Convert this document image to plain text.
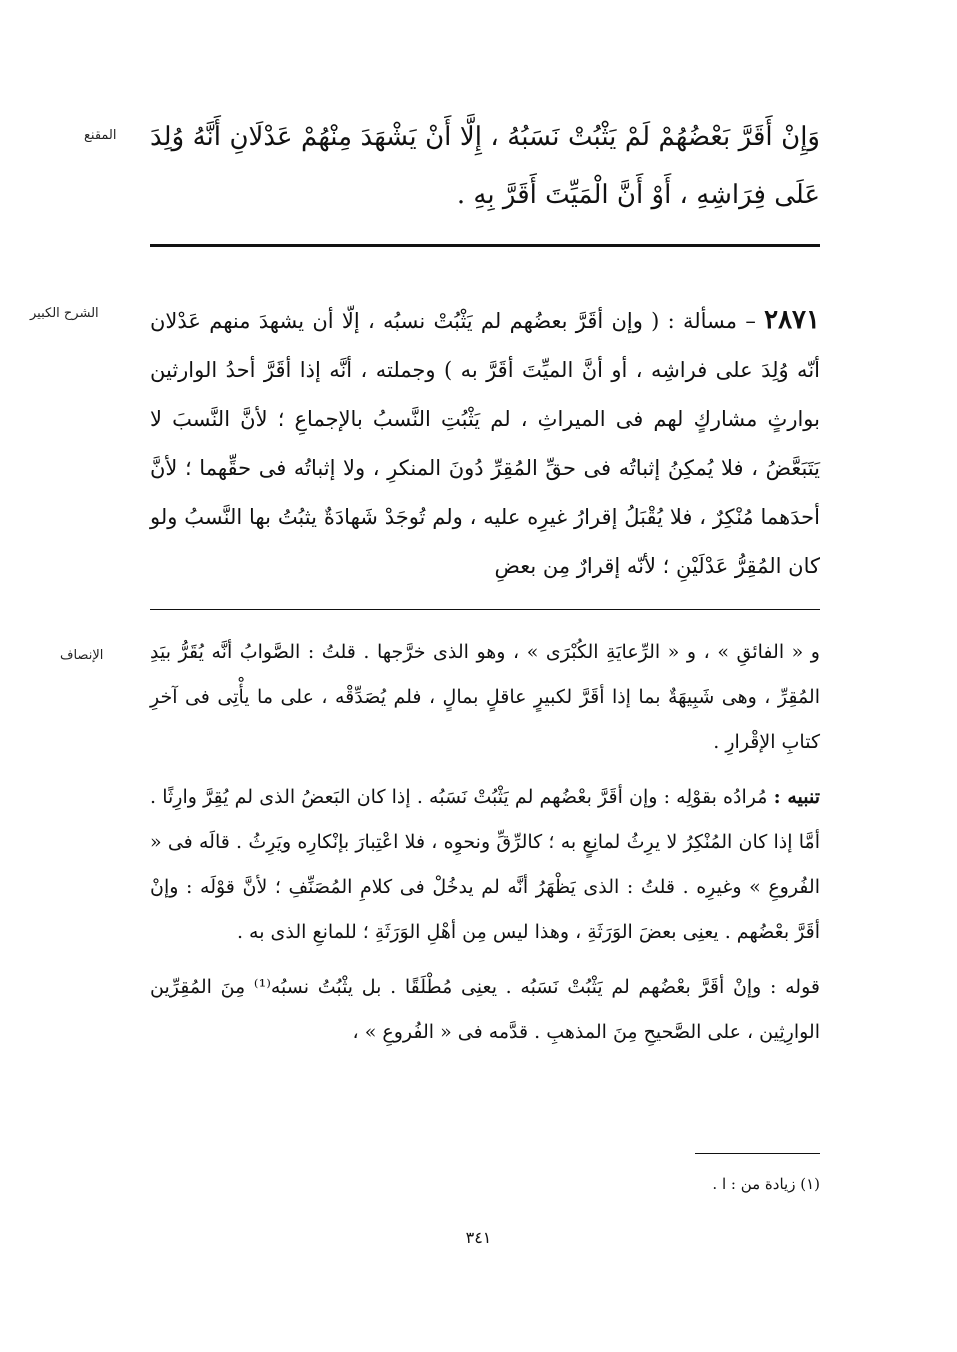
المقنع وَإِنْ أَقَرَّ بَعْضُهُمْ لَمْ يَثْبُتْ نَسَبُهُ ، إِلَّا أَنْ يَشْهَدَ مِنْهُمْ عَدْلَانِ أَنَّهُ وُلِدَ عَلَى فِرَاشِهِ ، أَوْ أَنَّ الْمَيِّتَ أَقَرَّ بِهِ .

الشرح الكبير	٢٨٧١ – مسألة : ( وإن أقَرَّ بعضُهم لم يَثْبُتْ نسبُه ، إلّا أن يشهدَ منهم عَدْلان أنّه وُلِدَ على فراشِه ، أو أنَّ الميِّتَ أقَرَّ به ) وجملته ، أنَّه إذا أقَرَّ أحدُ الوارثين بوارثٍ مشاركٍ لهم فى الميراثِ ، لم يَثْبُتِ النَّسبُ بالإجماعِ ؛ لأنَّ النَّسبَ لا يَتَبَعَّضُ ، فلا يُمكِنُ إثباتُه فى حقِّ المُقِرِّ دُونَ المنكرِ ، ولا إثباتُه فى حقِّهما ؛ لأنَّ أحدَهما مُنْكِرٌ ، فلا يُقْبَلُ إقرارُ غيرِه عليه ، ولم تُوجَدْ شَهادَةٌ يثبُتُ بها النَّسبُ ولو كان المُقِرُّ عَدْلَيْنِ ؛ لأنّه إقرارٌ مِن بعضِ

الإنصاف و « الفائقِ » ، و « الرِّعايَةِ الكُبْرَى » ، وهو الذى خرَّجها . قلتُ : الصَّوابُ أنَّه يُقَرُّ بيَدِ المُقِرِّ ، وهى شَبِيهَةٌ بما إذا أقَرَّ لكبيرٍ عاقلٍ بمالٍ ، فلم يُصَدِّقْه ، على ما يأْتِى فى آخرِ كتابِ الإقْرارِ .

تنبيه : مُرادُه بقوْلِه : وإن أقَرَّ بعْضُهم لم يَثْبُتْ نَسَبُه . إذا كان البَعضُ الذى لم يُقِرَّ وارِثًا . أمَّا إذا كان المُنْكِرُ لا يرِثُ لمانِعٍ به ؛ كالرِّقِّ ونحوِه ، فلا اعْتِبارَ بإنْكارِه ويَرِثُ . قالَه فى « الفُروعِ » وغيرِه . قلتُ : الذى يَظْهَرُ أنَّه لم يدخُلْ فى كلامِ المُصَنِّفِ ؛ لأنَّ قوْلَه : وإنْ أقَرَّ بعْضُهم . يعنِى بعضَ الوَرَثَةِ ، وهذا ليس مِن أهْلِ الوَرَثَةِ ؛ للمانعِ الذى به .

قوله : وإنْ أقَرَّ بعْضُهم لم يَثْبُتْ نَسَبُه . يعنِى مُطْلَقًا . بل يثْبُتُ نسبُه⁽¹⁾ مِنَ المُقِرِّين الوارِثِين ، على الصَّحيحِ مِنَ المذهبِ . قدَّمه فى « الفُروعِ » ،

(١) زيادة من : ا .
٣٤١
